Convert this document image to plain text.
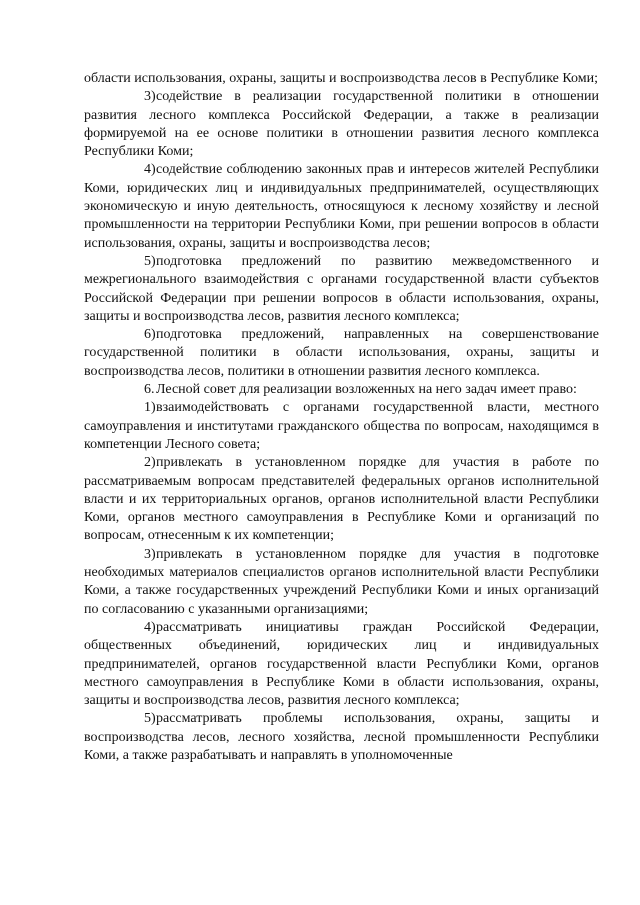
области использования, охраны, защиты и воспроизводства лесов в Республике Коми;

3)содействие в реализации государственной политики в отношении развития лесного комплекса Российской Федерации, а также в реализации формируемой на ее основе политики в отношении развития лесного комплекса Республики Коми;

4)содействие соблюдению законных прав и интересов жителей Республики Коми, юридических лиц и индивидуальных предпринимателей, осуществляющих экономическую и иную деятельность, относящуюся к лесному хозяйству и лесной промышленности на территории Республики Коми, при решении вопросов в области использования, охраны, защиты и воспроизводства лесов;

5)подготовка предложений по развитию межведомственного и межрегионального взаимодействия с органами государственной власти субъектов Российской Федерации при решении вопросов в области использования, охраны, защиты и воспроизводства лесов, развития лесного комплекса;

6)подготовка предложений, направленных на совершенствование государственной политики в области использования, охраны, защиты и воспроизводства лесов, политики в отношении развития лесного комплекса.

6. Лесной совет для реализации возложенных на него задач имеет право:

1)взаимодействовать с органами государственной власти, местного самоуправления и институтами гражданского общества по вопросам, находящимся в компетенции Лесного совета;

2)привлекать в установленном порядке для участия в работе по рассматриваемым вопросам представителей федеральных органов исполнительной власти и их территориальных органов, органов исполнительной власти Республики Коми, органов местного самоуправления в Республике Коми и организаций по вопросам, отнесенным к их компетенции;

3)привлекать в установленном порядке для участия в подготовке необходимых материалов специалистов органов исполнительной власти Республики Коми, а также государственных учреждений Республики Коми и иных организаций по согласованию с указанными организациями;

4)рассматривать инициативы граждан Российской Федерации, общественных объединений, юридических лиц и индивидуальных предпринимателей, органов государственной власти Республики Коми, органов местного самоуправления в Республике Коми в области использования, охраны, защиты и воспроизводства лесов, развития лесного комплекса;

5)рассматривать проблемы использования, охраны, защиты и воспроизводства лесов, лесного хозяйства, лесной промышленности Республики Коми, а также разрабатывать и направлять в уполномоченные
